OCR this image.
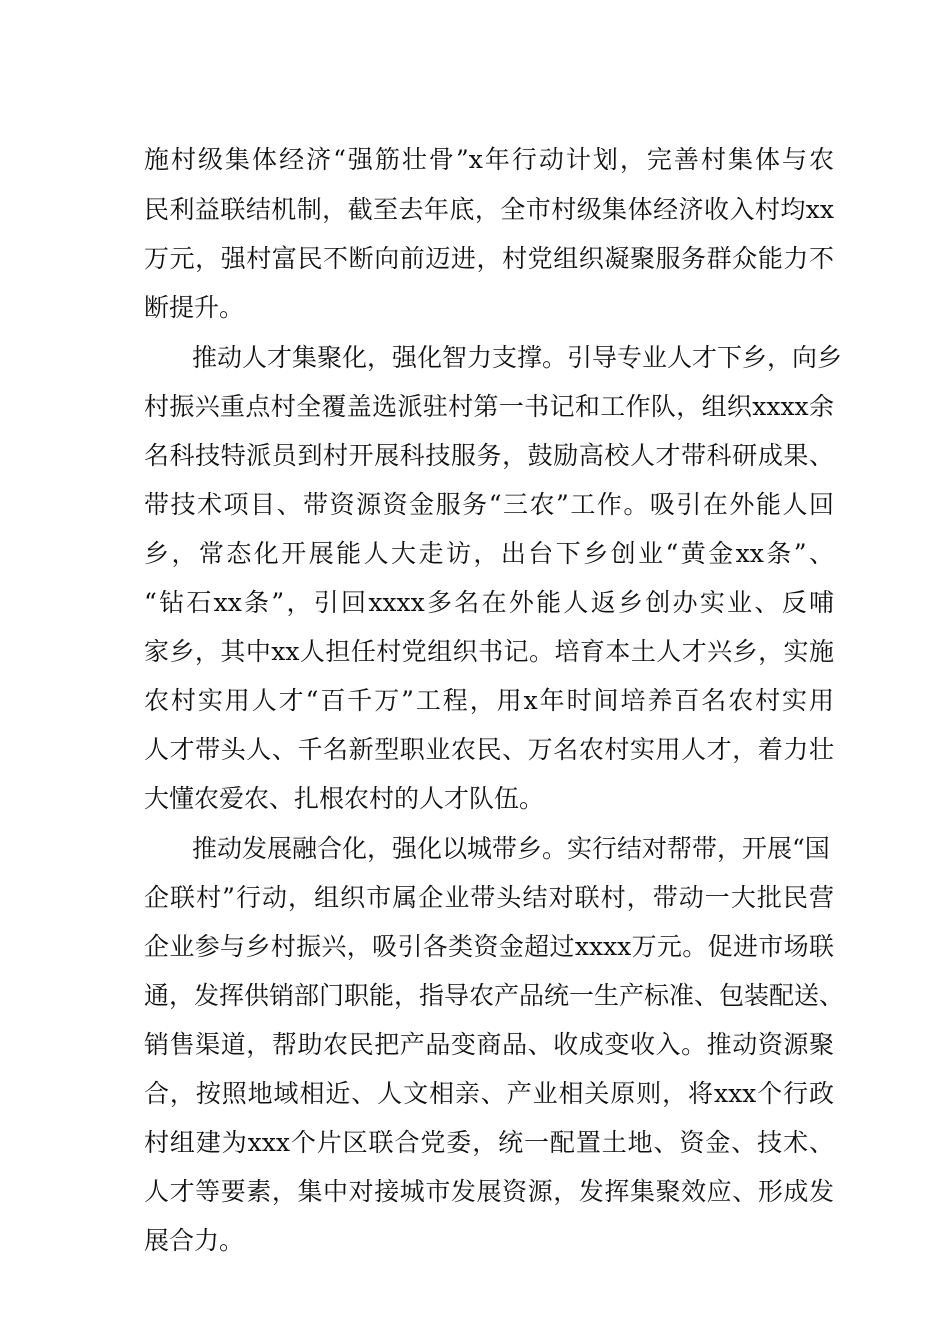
施村级集体经济“强筋壮骨”x年行动计划，完善村集体与农
民利益联结机制，截至去年底，全市村级集体经济收入村均xx
万元，强村富民不断向前迈进，村党组织凝聚服务群众能力不
断提升。
推动人才集聚化，强化智力支撑。引导专业人才下乡，向乡
村振兴重点村全覆盖选派驻村第一书记和工作队，组织xxxx余
名科技特派员到村开展科技服务，鼓励高校人才带科研成果、
带技术项目、带资源资金服务“三农”工作。吸引在外能人回
乡，常态化开展能人大走访，出台下乡创业“黄金xx条”、
“钻石xx条”，引回xxxx多名在外能人返乡创办实业、反哺
家乡，其中xx人担任村党组织书记。培育本土人才兴乡，实施
农村实用人才“百千万”工程，用x年时间培养百名农村实用
人才带头人、千名新型职业农民、万名农村实用人才，着力壮
大懂农爱农、扎根农村的人才队伍。
推动发展融合化，强化以城带乡。实行结对帮带，开展“国
企联村”行动，组织市属企业带头结对联村，带动一大批民营
企业参与乡村振兴，吸引各类资金超过xxxx万元。促进市场联
通，发挥供销部门职能，指导农产品统一生产标准、包装配送、
销售渠道，帮助农民把产品变商品、收成变收入。推动资源聚
合，按照地域相近、人文相亲、产业相关原则，将xxx个行政
村组建为xxx个片区联合党委，统一配置土地、资金、技术、
人才等要素，集中对接城市发展资源，发挥集聚效应、形成发
展合力。
